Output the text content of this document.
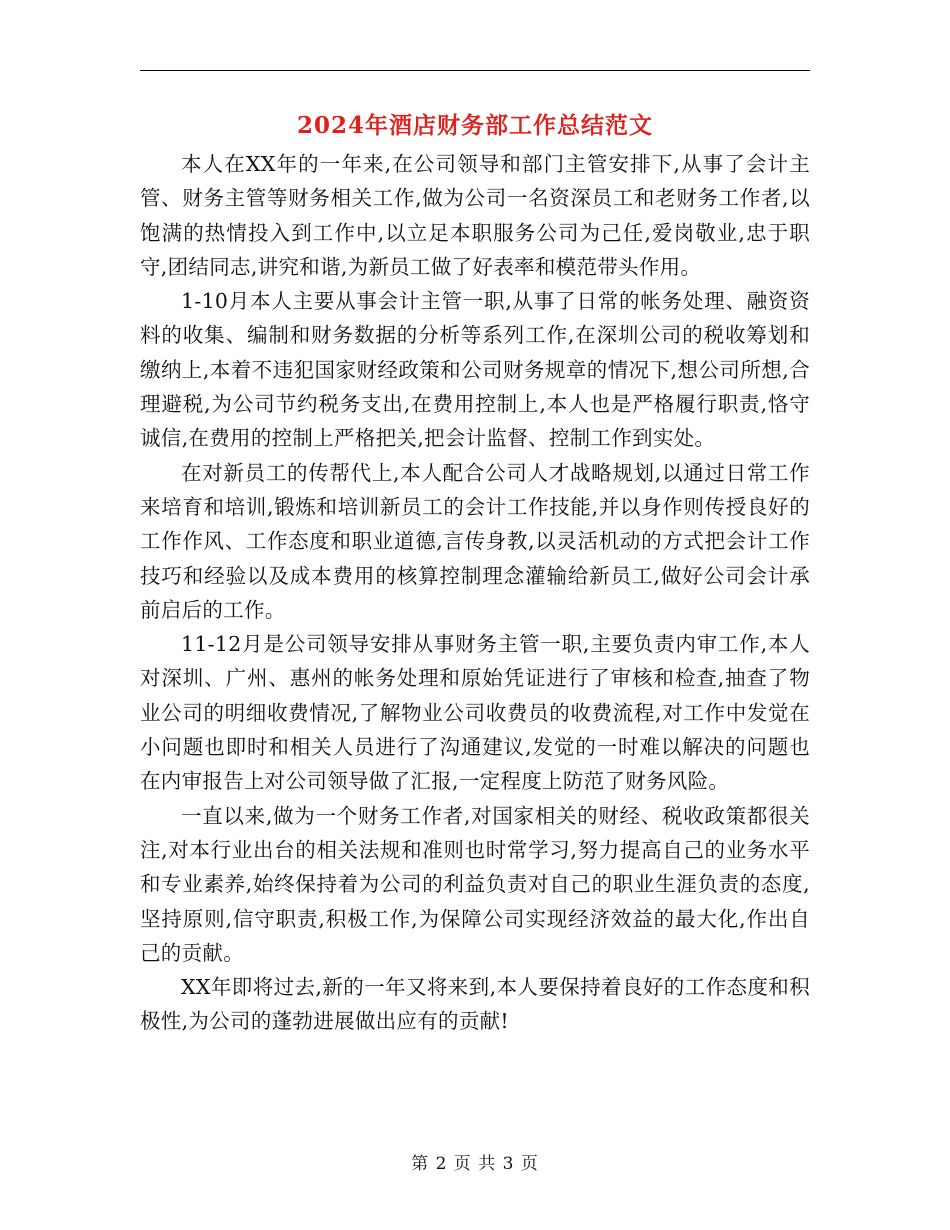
2024年酒店财务部工作总结范文

本人在XX年的一年来,在公司领导和部门主管安排下,从事了会计主管、财务主管等财务相关工作,做为公司一名资深员工和老财务工作者,以饱满的热情投入到工作中,以立足本职服务公司为己任,爱岗敬业,忠于职守,团结同志,讲究和谐,为新员工做了好表率和模范带头作用。

1-10月本人主要从事会计主管一职,从事了日常的帐务处理、融资资料的收集、编制和财务数据的分析等系列工作,在深圳公司的税收筹划和缴纳上,本着不违犯国家财经政策和公司财务规章的情况下,想公司所想,合理避税,为公司节约税务支出,在费用控制上,本人也是严格履行职责,恪守诚信,在费用的控制上严格把关,把会计监督、控制工作到实处。

在对新员工的传帮代上,本人配合公司人才战略规划,以通过日常工作来培育和培训,锻炼和培训新员工的会计工作技能,并以身作则传授良好的工作作风、工作态度和职业道德,言传身教,以灵活机动的方式把会计工作技巧和经验以及成本费用的核算控制理念灌输给新员工,做好公司会计承前启后的工作。

11-12月是公司领导安排从事财务主管一职,主要负责内审工作,本人对深圳、广州、惠州的帐务处理和原始凭证进行了审核和检查,抽查了物业公司的明细收费情况,了解物业公司收费员的收费流程,对工作中发觉在小问题也即时和相关人员进行了沟通建议,发觉的一时难以解决的问题也在内审报告上对公司领导做了汇报,一定程度上防范了财务风险。

一直以来,做为一个财务工作者,对国家相关的财经、税收政策都很关注,对本行业出台的相关法规和准则也时常学习,努力提高自己的业务水平和专业素养,始终保持着为公司的利益负责对自己的职业生涯负责的态度,坚持原则,信守职责,积极工作,为保障公司实现经济效益的最大化,作出自己的贡献。

XX年即将过去,新的一年又将来到,本人要保持着良好的工作态度和积极性,为公司的蓬勃进展做出应有的贡献!

第 2 页 共 3 页
